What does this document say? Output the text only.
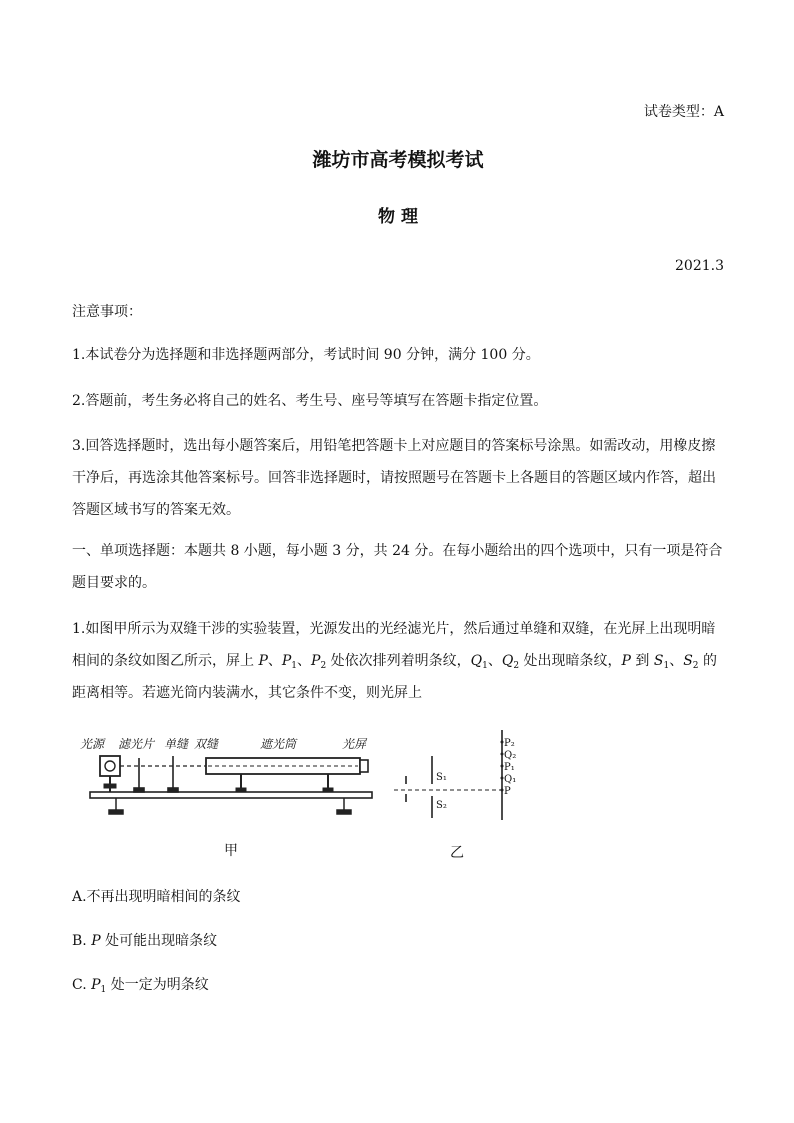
试卷类型：A
潍坊市高考模拟考试
物 理
2021.3
注意事项：
1.本试卷分为选择题和非选择题两部分，考试时间 90 分钟，满分 100 分。
2.答题前，考生务必将自己的姓名、考生号、座号等填写在答题卡指定位置。
3.回答选择题时，选出每小题答案后，用铅笔把答题卡上对应题目的答案标号涂黑。如需改动，用橡皮擦干净后，再选涂其他答案标号。回答非选择题时，请按照题号在答题卡上各题目的答题区域内作答，超出答题区域书写的答案无效。
一、单项选择题：本题共 8 小题，每小题 3 分，共 24 分。在每小题给出的四个选项中，只有一项是符合题目要求的。
1.如图甲所示为双缝干涉的实验装置，光源发出的光经滤光片，然后通过单缝和双缝，在光屏上出现明暗相间的条纹如图乙所示，屏上 P、$P_1$、$P_2$ 处依次排列着明条纹，$Q_1$、$Q_2$ 处出现暗条纹，P 到 $S_1$、$S_2$ 的距离相等。若遮光筒内装满水，其它条件不变，则光屏上
光源 滤光片 单缝 双缝	遮光筒	光屏
甲
P₂
Q₂
P₁
Q₁
P
S₁
S₂
乙
A.不再出现明暗相间的条纹
B. P 处可能出现暗条纹
C. $P_1$ 处一定为明条纹
